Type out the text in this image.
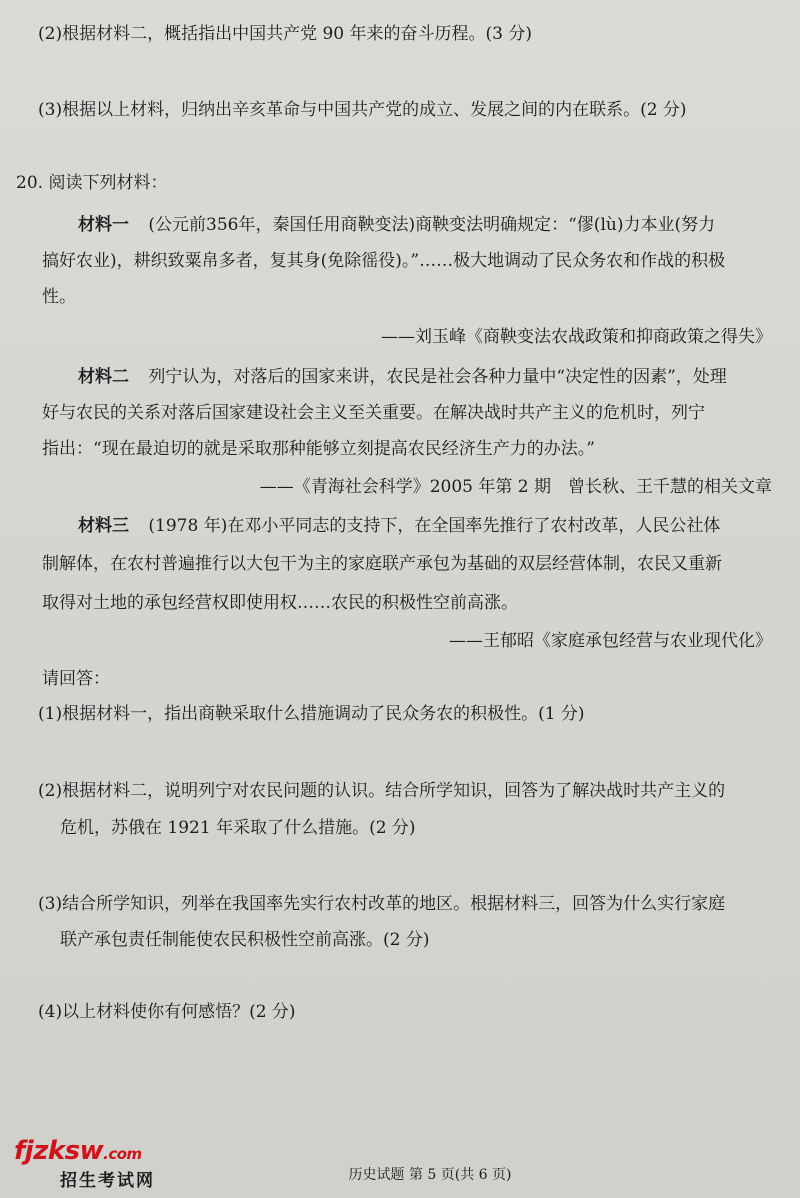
(2)根据材料二，概括指出中国共产党 90 年来的奋斗历程。(3 分)
(3)根据以上材料，归纳出辛亥革命与中国共产党的成立、发展之间的内在联系。(2 分)
20. 阅读下列材料：
材料一 (公元前356年，秦国任用商鞅变法)商鞅变法明确规定：“僇(lù)力本业(努力
搞好农业)，耕织致粟帛多者，复其身(免除徭役)。”……极大地调动了民众务农和作战的积极
性。
——刘玉峰《商鞅变法农战政策和抑商政策之得失》
材料二 列宁认为，对落后的国家来讲，农民是社会各种力量中“决定性的因素”，处理
好与农民的关系对落后国家建设社会主义至关重要。在解决战时共产主义的危机时，列宁
指出：“现在最迫切的就是采取那种能够立刻提高农民经济生产力的办法。”
——《青海社会科学》2005 年第 2 期　曾长秋、王千慧的相关文章
材料三 (1978 年)在邓小平同志的支持下，在全国率先推行了农村改革，人民公社体
制解体，在农村普遍推行以大包干为主的家庭联产承包为基础的双层经营体制，农民又重新
取得对土地的承包经营权即使用权……农民的积极性空前高涨。
——王郁昭《家庭承包经营与农业现代化》
请回答：
(1)根据材料一，指出商鞅采取什么措施调动了民众务农的积极性。(1 分)
(2)根据材料二，说明列宁对农民问题的认识。结合所学知识，回答为了解决战时共产主义的
危机，苏俄在 1921 年采取了什么措施。(2 分)
(3)结合所学知识，列举在我国率先实行农村改革的地区。根据材料三，回答为什么实行家庭
联产承包责任制能使农民积极性空前高涨。(2 分)
(4)以上材料使你有何感悟？(2 分)
fjzksw.com
招生考试网	历史试题 第 5 页(共 6 页)
